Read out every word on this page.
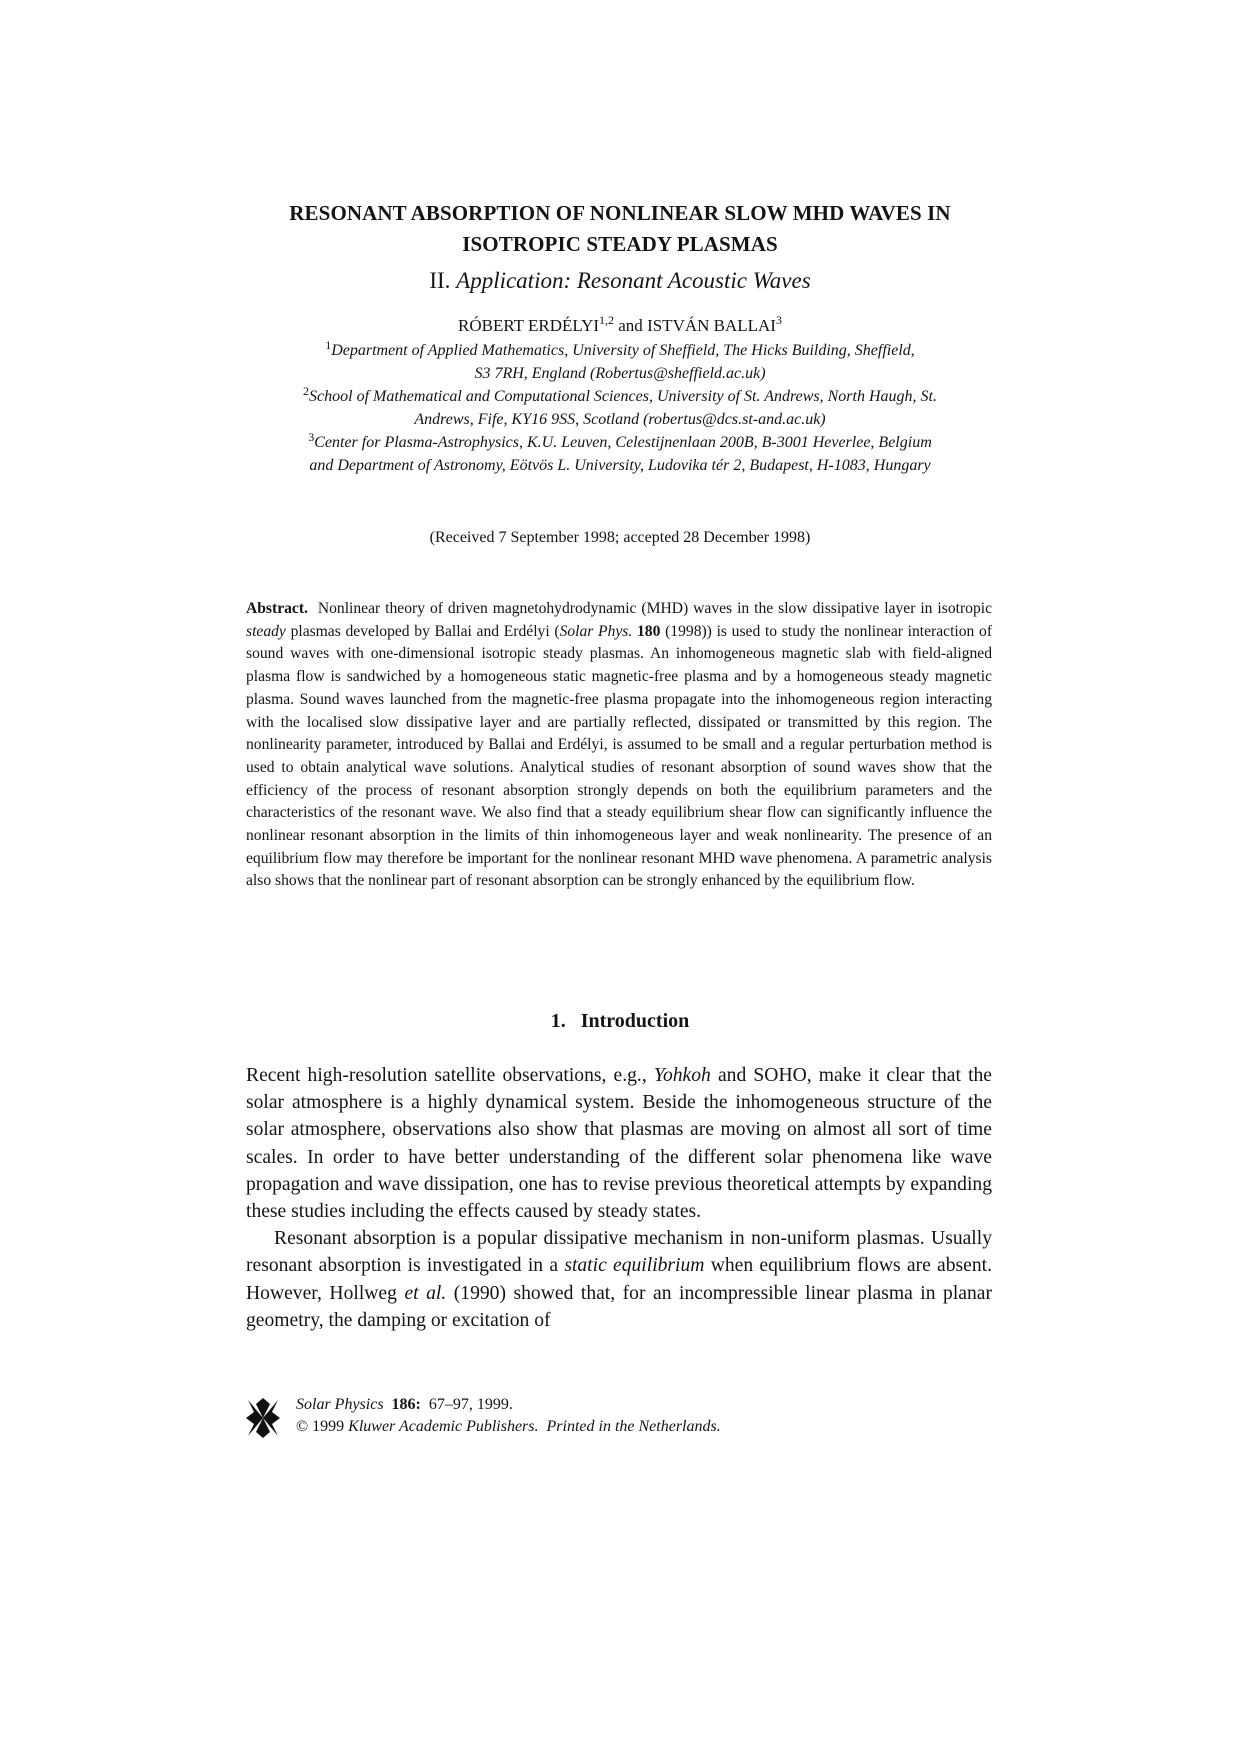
RESONANT ABSORPTION OF NONLINEAR SLOW MHD WAVES IN
ISOTROPIC STEADY PLASMAS
II. Application: Resonant Acoustic Waves
RÓBERT ERDÉLYI$^{1,2}$ and ISTVÁN BALLAI$^3$
$^1$Department of Applied Mathematics, University of Sheffield, The Hicks Building, Sheffield,
S3 7RH, England (Robertus@sheffield.ac.uk)
$^2$School of Mathematical and Computational Sciences, University of St. Andrews, North Haugh, St.
Andrews, Fife, KY16 9SS, Scotland (robertus@dcs.st-and.ac.uk)
$^3$Center for Plasma-Astrophysics, K.U. Leuven, Celestijnenlaan 200B, B-3001 Heverlee, Belgium
and Department of Astronomy, Eötvös L. University, Ludovika tér 2, Budapest, H-1083, Hungary
(Received 7 September 1998; accepted 28 December 1998)
Abstract. Nonlinear theory of driven magnetohydrodynamic (MHD) waves in the slow dissipative layer in isotropic steady plasmas developed by Ballai and Erdélyi (Solar Phys. 180 (1998)) is used to study the nonlinear interaction of sound waves with one-dimensional isotropic steady plasmas. An inhomogeneous magnetic slab with field-aligned plasma flow is sandwiched by a homogeneous static magnetic-free plasma and by a homogeneous steady magnetic plasma. Sound waves launched from the magnetic-free plasma propagate into the inhomogeneous region interacting with the localised slow dissipative layer and are partially reflected, dissipated or transmitted by this region. The nonlinearity parameter, introduced by Ballai and Erdélyi, is assumed to be small and a regular perturbation method is used to obtain analytical wave solutions. Analytical studies of resonant absorption of sound waves show that the efficiency of the process of resonant absorption strongly depends on both the equilibrium parameters and the characteristics of the resonant wave. We also find that a steady equilibrium shear flow can significantly influence the nonlinear resonant absorption in the limits of thin inhomogeneous layer and weak nonlinearity. The presence of an equilibrium flow may therefore be important for the nonlinear resonant MHD wave phenomena. A parametric analysis also shows that the nonlinear part of resonant absorption can be strongly enhanced by the equilibrium flow.
1. Introduction

Recent high-resolution satellite observations, e.g., Yohkoh and SOHO, make it clear that the solar atmosphere is a highly dynamical system. Beside the inhomogeneous structure of the solar atmosphere, observations also show that plasmas are moving on almost all sort of time scales. In order to have better understanding of the different solar phenomena like wave propagation and wave dissipation, one has to revise previous theoretical attempts by expanding these studies including the effects caused by steady states.

Resonant absorption is a popular dissipative mechanism in non-uniform plasmas. Usually resonant absorption is investigated in a static equilibrium when equilibrium flows are absent. However, Hollweg et al. (1990) showed that, for an incompressible linear plasma in planar geometry, the damping or excitation of

Solar Physics 186: 67–97, 1999.
© 1999 Kluwer Academic Publishers. Printed in the Netherlands.
